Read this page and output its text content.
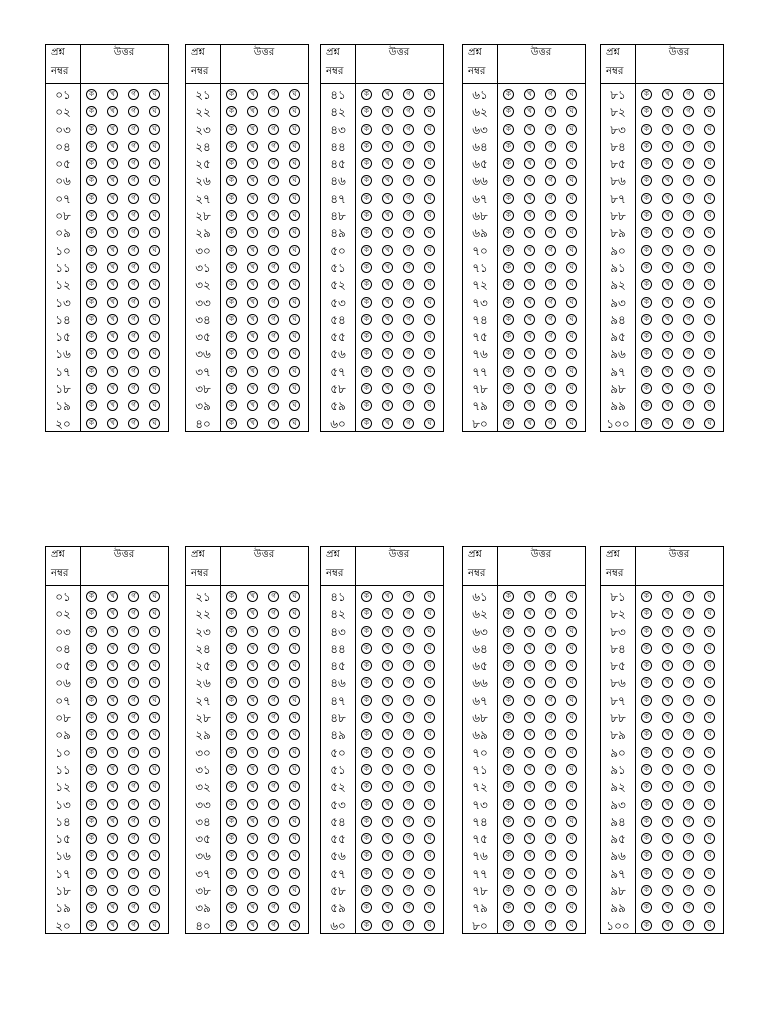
প্রশ্ন
নম্বর
উত্তর
০১	ক	খ	গ	ঘ
০২	ক	খ	গ	ঘ
০৩	ক	খ	গ	ঘ
০৪	ক	খ	গ	ঘ
০৫	ক	খ	গ	ঘ
০৬	ক	খ	গ	ঘ
০৭	ক	খ	গ	ঘ
০৮	ক	খ	গ	ঘ
০৯	ক	খ	গ	ঘ
১০	ক	খ	গ	ঘ
১১	ক	খ	গ	ঘ
১২	ক	খ	গ	ঘ
১৩	ক	খ	গ	ঘ
১৪	ক	খ	গ	ঘ
১৫	ক	খ	গ	ঘ
১৬	ক	খ	গ	ঘ
১৭	ক	খ	গ	ঘ
১৮	ক	খ	গ	ঘ
১৯	ক	খ	গ	ঘ
২০	ক	খ	গ	ঘ
প্রশ্ন
নম্বর
উত্তর
২১	ক	খ	গ	ঘ
২২	ক	খ	গ	ঘ
২৩	ক	খ	গ	ঘ
২৪	ক	খ	গ	ঘ
২৫	ক	খ	গ	ঘ
২৬	ক	খ	গ	ঘ
২৭	ক	খ	গ	ঘ
২৮	ক	খ	গ	ঘ
২৯	ক	খ	গ	ঘ
৩০	ক	খ	গ	ঘ
৩১	ক	খ	গ	ঘ
৩২	ক	খ	গ	ঘ
৩৩	ক	খ	গ	ঘ
৩৪	ক	খ	গ	ঘ
৩৫	ক	খ	গ	ঘ
৩৬	ক	খ	গ	ঘ
৩৭	ক	খ	গ	ঘ
৩৮	ক	খ	গ	ঘ
৩৯	ক	খ	গ	ঘ
৪০	ক	খ	গ	ঘ
প্রশ্ন
নম্বর
উত্তর
৪১	ক	খ	গ	ঘ
৪২	ক	খ	গ	ঘ
৪৩	ক	খ	গ	ঘ
৪৪	ক	খ	গ	ঘ
৪৫	ক	খ	গ	ঘ
৪৬	ক	খ	গ	ঘ
৪৭	ক	খ	গ	ঘ
৪৮	ক	খ	গ	ঘ
৪৯	ক	খ	গ	ঘ
৫০	ক	খ	গ	ঘ
৫১	ক	খ	গ	ঘ
৫২	ক	খ	গ	ঘ
৫৩	ক	খ	গ	ঘ
৫৪	ক	খ	গ	ঘ
৫৫	ক	খ	গ	ঘ
৫৬	ক	খ	গ	ঘ
৫৭	ক	খ	গ	ঘ
৫৮	ক	খ	গ	ঘ
৫৯	ক	খ	গ	ঘ
৬০	ক	খ	গ	ঘ
প্রশ্ন
নম্বর
উত্তর
৬১	ক	খ	গ	ঘ
৬২	ক	খ	গ	ঘ
৬৩	ক	খ	গ	ঘ
৬৪	ক	খ	গ	ঘ
৬৫	ক	খ	গ	ঘ
৬৬	ক	খ	গ	ঘ
৬৭	ক	খ	গ	ঘ
৬৮	ক	খ	গ	ঘ
৬৯	ক	খ	গ	ঘ
৭০	ক	খ	গ	ঘ
৭১	ক	খ	গ	ঘ
৭২	ক	খ	গ	ঘ
৭৩	ক	খ	গ	ঘ
৭৪	ক	খ	গ	ঘ
৭৫	ক	খ	গ	ঘ
৭৬	ক	খ	গ	ঘ
৭৭	ক	খ	গ	ঘ
৭৮	ক	খ	গ	ঘ
৭৯	ক	খ	গ	ঘ
৮০	ক	খ	গ	ঘ
প্রশ্ন
নম্বর
উত্তর
৮১	ক	খ	গ	ঘ
৮২	ক	খ	গ	ঘ
৮৩	ক	খ	গ	ঘ
৮৪	ক	খ	গ	ঘ
৮৫	ক	খ	গ	ঘ
৮৬	ক	খ	গ	ঘ
৮৭	ক	খ	গ	ঘ
৮৮	ক	খ	গ	ঘ
৮৯	ক	খ	গ	ঘ
৯০	ক	খ	গ	ঘ
৯১	ক	খ	গ	ঘ
৯২	ক	খ	গ	ঘ
৯৩	ক	খ	গ	ঘ
৯৪	ক	খ	গ	ঘ
৯৫	ক	খ	গ	ঘ
৯৬	ক	খ	গ	ঘ
৯৭	ক	খ	গ	ঘ
৯৮	ক	খ	গ	ঘ
৯৯	ক	খ	গ	ঘ
১০০	ক	খ	গ	ঘ
প্রশ্ন
নম্বর
উত্তর
০১	ক	খ	গ	ঘ
০২	ক	খ	গ	ঘ
০৩	ক	খ	গ	ঘ
০৪	ক	খ	গ	ঘ
০৫	ক	খ	গ	ঘ
০৬	ক	খ	গ	ঘ
০৭	ক	খ	গ	ঘ
০৮	ক	খ	গ	ঘ
০৯	ক	খ	গ	ঘ
১০	ক	খ	গ	ঘ
১১	ক	খ	গ	ঘ
১২	ক	খ	গ	ঘ
১৩	ক	খ	গ	ঘ
১৪	ক	খ	গ	ঘ
১৫	ক	খ	গ	ঘ
১৬	ক	খ	গ	ঘ
১৭	ক	খ	গ	ঘ
১৮	ক	খ	গ	ঘ
১৯	ক	খ	গ	ঘ
২০	ক	খ	গ	ঘ
প্রশ্ন
নম্বর
উত্তর
২১	ক	খ	গ	ঘ
২২	ক	খ	গ	ঘ
২৩	ক	খ	গ	ঘ
২৪	ক	খ	গ	ঘ
২৫	ক	খ	গ	ঘ
২৬	ক	খ	গ	ঘ
২৭	ক	খ	গ	ঘ
২৮	ক	খ	গ	ঘ
২৯	ক	খ	গ	ঘ
৩০	ক	খ	গ	ঘ
৩১	ক	খ	গ	ঘ
৩২	ক	খ	গ	ঘ
৩৩	ক	খ	গ	ঘ
৩৪	ক	খ	গ	ঘ
৩৫	ক	খ	গ	ঘ
৩৬	ক	খ	গ	ঘ
৩৭	ক	খ	গ	ঘ
৩৮	ক	খ	গ	ঘ
৩৯	ক	খ	গ	ঘ
৪০	ক	খ	গ	ঘ
প্রশ্ন
নম্বর
উত্তর
৪১	ক	খ	গ	ঘ
৪২	ক	খ	গ	ঘ
৪৩	ক	খ	গ	ঘ
৪৪	ক	খ	গ	ঘ
৪৫	ক	খ	গ	ঘ
৪৬	ক	খ	গ	ঘ
৪৭	ক	খ	গ	ঘ
৪৮	ক	খ	গ	ঘ
৪৯	ক	খ	গ	ঘ
৫০	ক	খ	গ	ঘ
৫১	ক	খ	গ	ঘ
৫২	ক	খ	গ	ঘ
৫৩	ক	খ	গ	ঘ
৫৪	ক	খ	গ	ঘ
৫৫	ক	খ	গ	ঘ
৫৬	ক	খ	গ	ঘ
৫৭	ক	খ	গ	ঘ
৫৮	ক	খ	গ	ঘ
৫৯	ক	খ	গ	ঘ
৬০	ক	খ	গ	ঘ
প্রশ্ন
নম্বর
উত্তর
৬১	ক	খ	গ	ঘ
৬২	ক	খ	গ	ঘ
৬৩	ক	খ	গ	ঘ
৬৪	ক	খ	গ	ঘ
৬৫	ক	খ	গ	ঘ
৬৬	ক	খ	গ	ঘ
৬৭	ক	খ	গ	ঘ
৬৮	ক	খ	গ	ঘ
৬৯	ক	খ	গ	ঘ
৭০	ক	খ	গ	ঘ
৭১	ক	খ	গ	ঘ
৭২	ক	খ	গ	ঘ
৭৩	ক	খ	গ	ঘ
৭৪	ক	খ	গ	ঘ
৭৫	ক	খ	গ	ঘ
৭৬	ক	খ	গ	ঘ
৭৭	ক	খ	গ	ঘ
৭৮	ক	খ	গ	ঘ
৭৯	ক	খ	গ	ঘ
৮০	ক	খ	গ	ঘ
প্রশ্ন
নম্বর
উত্তর
৮১	ক	খ	গ	ঘ
৮২	ক	খ	গ	ঘ
৮৩	ক	খ	গ	ঘ
৮৪	ক	খ	গ	ঘ
৮৫	ক	খ	গ	ঘ
৮৬	ক	খ	গ	ঘ
৮৭	ক	খ	গ	ঘ
৮৮	ক	খ	গ	ঘ
৮৯	ক	খ	গ	ঘ
৯০	ক	খ	গ	ঘ
৯১	ক	খ	গ	ঘ
৯২	ক	খ	গ	ঘ
৯৩	ক	খ	গ	ঘ
৯৪	ক	খ	গ	ঘ
৯৫	ক	খ	গ	ঘ
৯৬	ক	খ	গ	ঘ
৯৭	ক	খ	গ	ঘ
৯৮	ক	খ	গ	ঘ
৯৯	ক	খ	গ	ঘ
১০০	ক	খ	গ	ঘ
